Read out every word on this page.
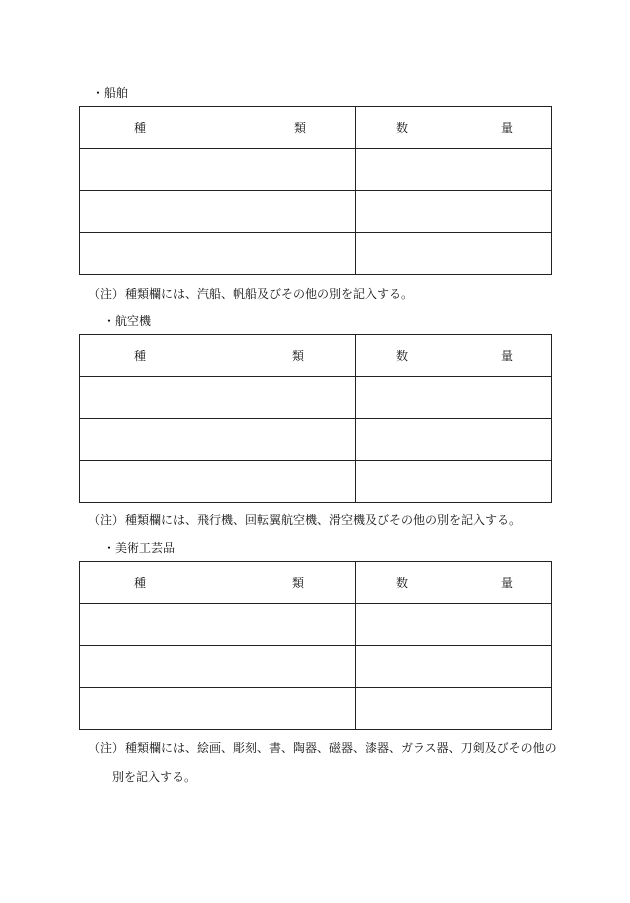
・船舶
種 類	数 量

（注） 種類欄には、汽船、帆船及びその他の別を記入する。
・航空機
種 類	数 量

（注） 種類欄には、飛行機、回転翼航空機、滑空機及びその他の別を記入する。
・美術工芸品
種 類	数 量

（注） 種類欄には、絵画、彫刻、書、陶器、磁器、漆器、ガラス器、刀剣及びその他の
別を記入する。
